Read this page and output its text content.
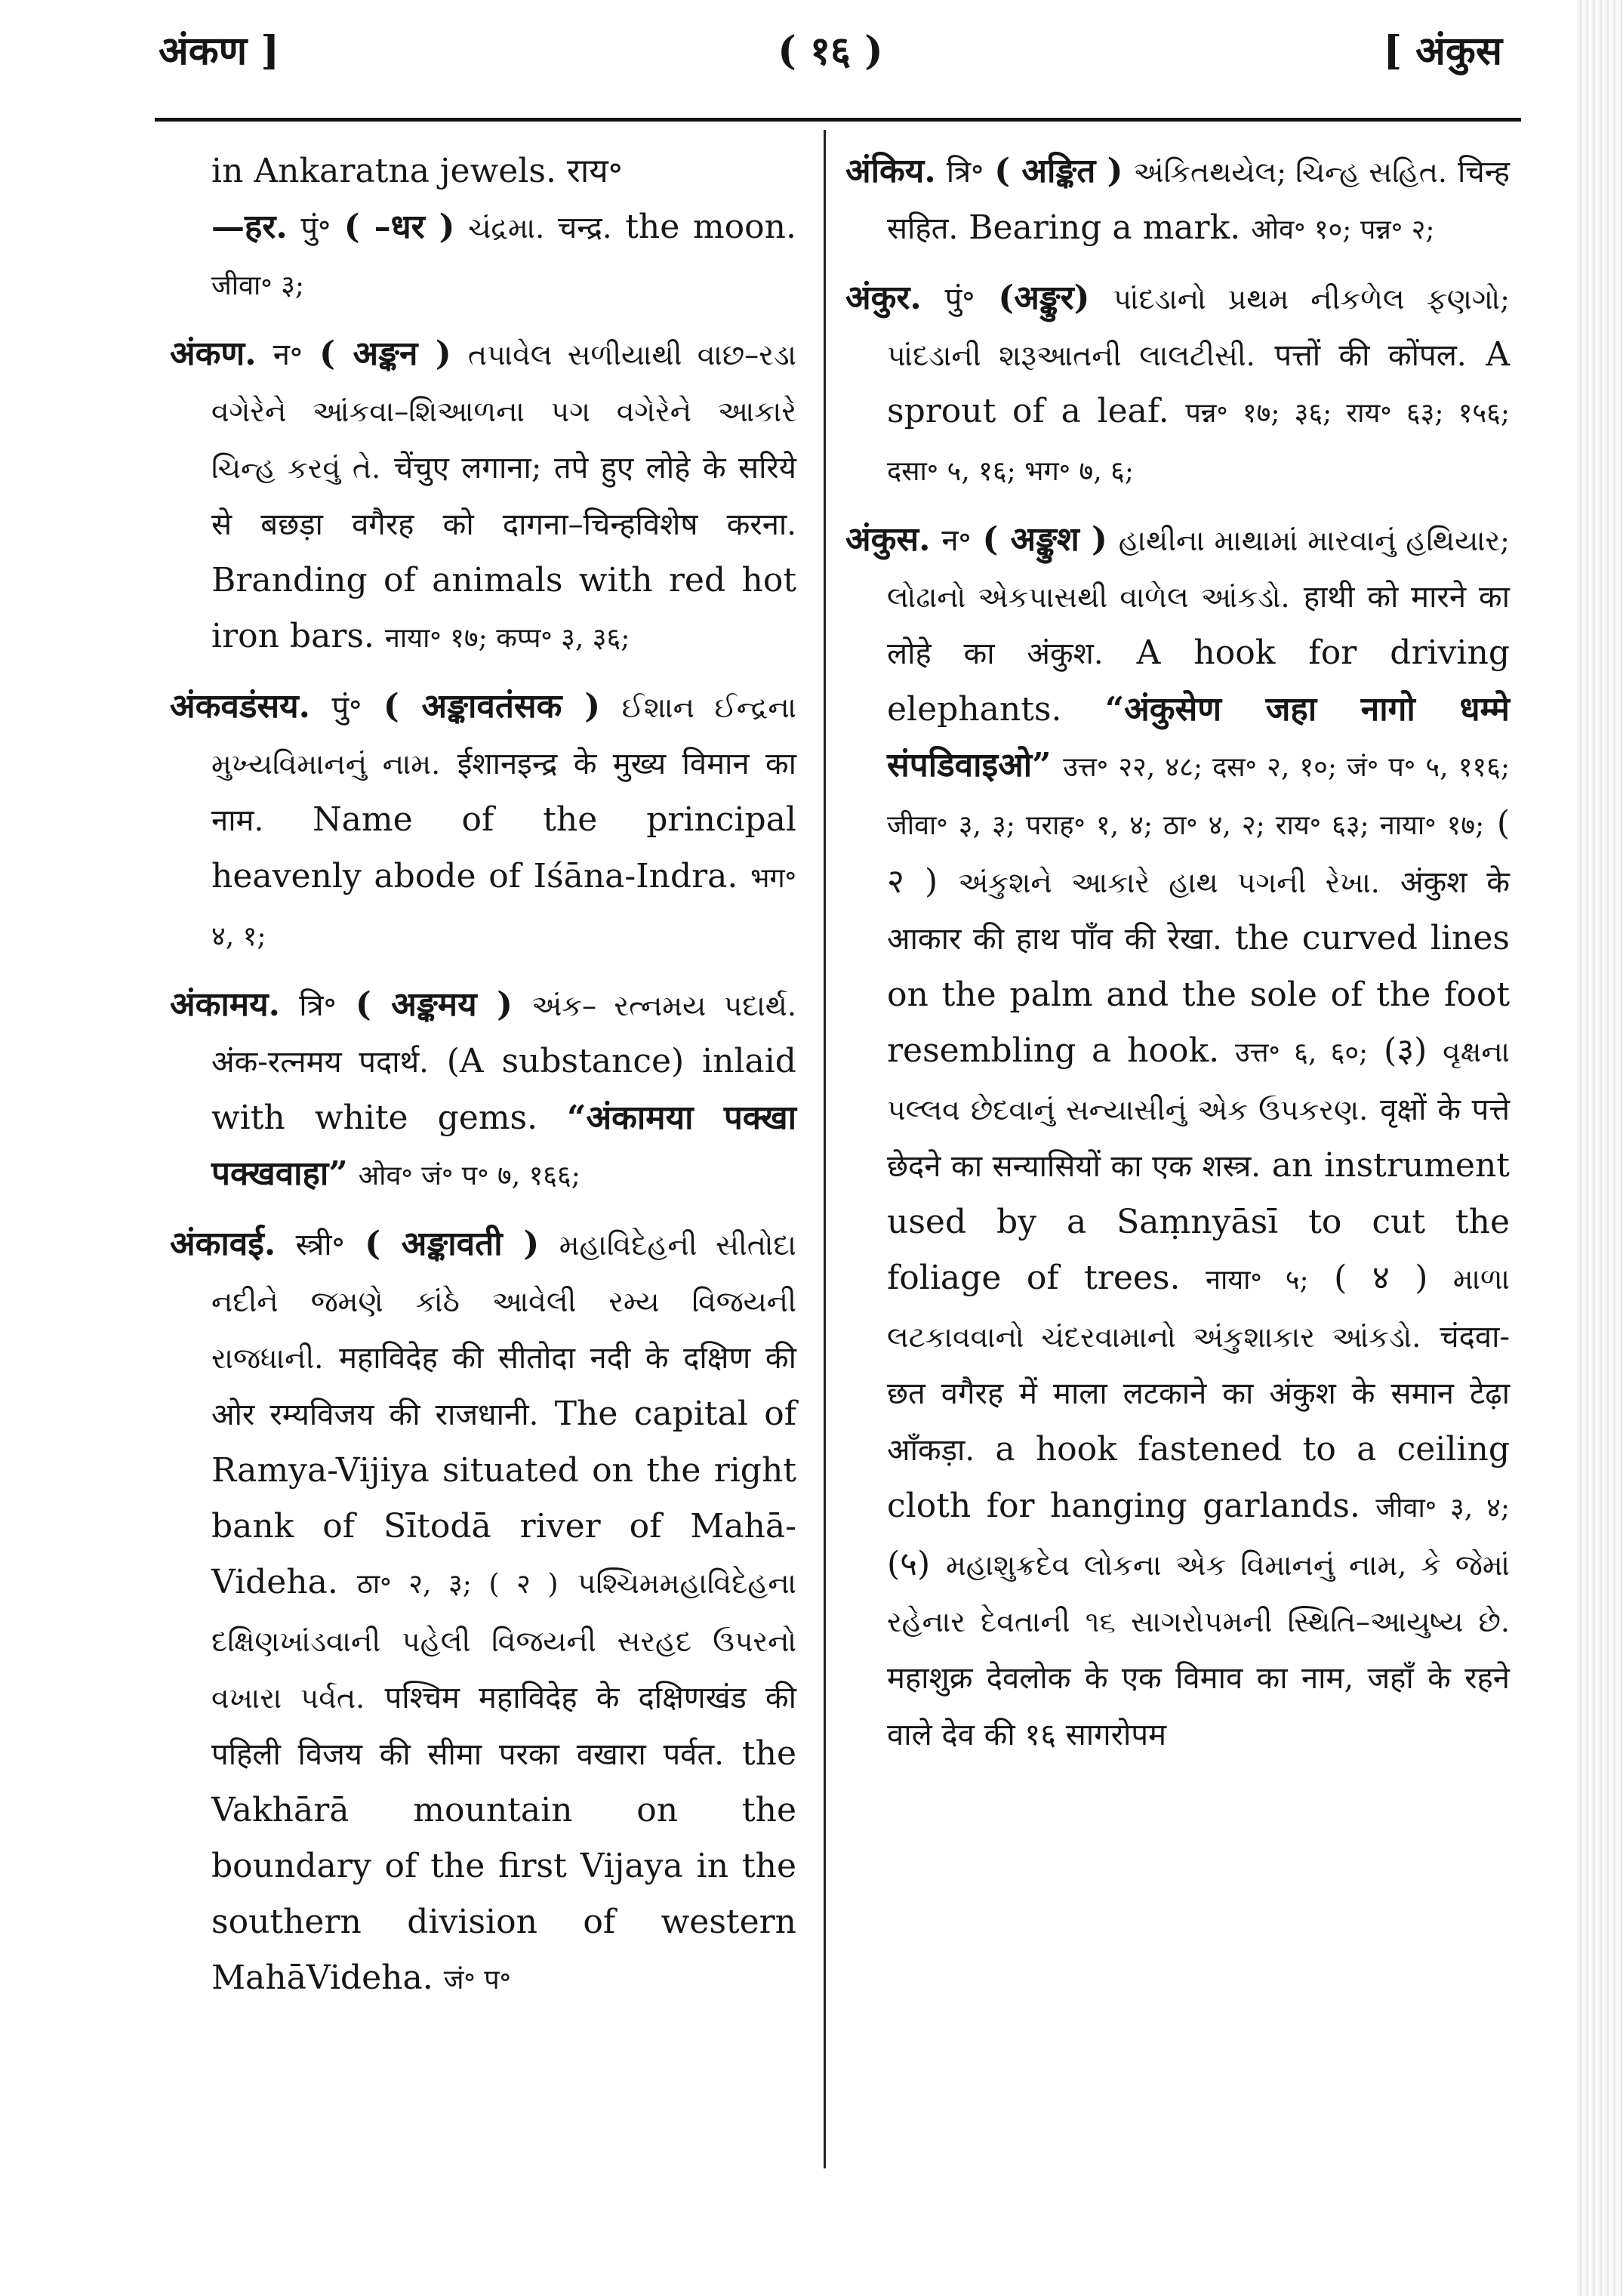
अंकण ]	( १६ )	[ अंकुस

in Ankaratna jewels. राय॰
—हर. पुं॰ ( –धर ) ચંદ્રમા. चन्द्र. the moon. जीवा॰ ३;

अंकण. न॰ ( अङ्कन ) તપાવેલ સળીયાથી વાછ–રડા વગેરેને આંકવા–શિઆળના પગ વગેરેને આકારે ચિન્હ કરવું તે. चेंचुए लगाना; तपे हुए लोहे के सरिये से बछड़ा वगैरह को दागना–चिन्हविशेष करना. Branding of animals with red hot iron bars. नाया॰ १७; कप्प॰ ३, ३६;

अंकवडंसय. पुं॰ ( अङ्कावतंसक ) ઈશાન ઈન્દ્રના મુખ્યવિમાનનું નામ. ईशानइन्द्र के मुख्य विमान का नाम. Name of the principal heavenly abode of Iśāna-Indra. भग॰ ४, १;

अंकामय. त्रि॰ ( अङ्कमय ) અંક– રત્નમય પદાર્થ. अंक-रत्नमय पदार्थ. (A substance) inlaid with white gems. “अंकामया पक्खा पक्खवाहा” ओव॰ जं॰ प॰ ७, १६६;

अंकावई. स्त्री॰ ( अङ्कावती ) મહાવિદેહની સીતોદા નદીને જમણે કાંઠે આવેલી રમ્ય વિજયની રાજધાની. महाविदेह की सीतोदा नदी के दक्षिण की ओर रम्यविजय की राजधानी. The capital of Ramya-Vijiya situated on the right bank of Sītodā river of Mahā-Videha. ठा॰ २, ३; ( २ ) પશ્ચિમમહાવિદેહના દક્ષિણખાંડવાની પહેલી વિજયની સરહદ ઉપરનો વખારા પર્વત. पश्चिम महाविदेह के दक्षिणखंड की पहिली विजय की सीमा परका वखारा पर्वत. the Vakhārā mountain on the boundary of the first Vijaya in the southern division of western MahāVideha. जं॰ प॰

अंकिय. त्रि॰ ( अङ्कित ) અંકિતથયેલ; ચિન્હ સહિત. चिन्ह सहित. Bearing a mark. ओव॰ १०; पन्न॰ २;

अंकुर. पुं॰ (अङ्कुर) પાંદડાનો પ્રથમ નીકળેલ ફણગો; પાંદડાની શરૂઆતની લાલટીસી. पत्तों की कोंपल. A sprout of a leaf. पन्न॰ १७; ३६; राय॰ ६३; १५६; दसा॰ ५, १६; भग॰ ७, ६;

अंकुस. न॰ ( अङ्कुश ) હાથીના માથામાં મારવાનું હથિયાર; લોઢાનો એકપાસથી વાળેલ આંકડો. हाथी को मारने का लोहे का अंकुश. A hook for driving elephants. “अंकुसेण जहा नागो धम्मे संपडिवाइओ” उत्त॰ २२, ४८; दस॰ २, १०; जं॰ प॰ ५, ११६; जीवा॰ ३, ३; पराह॰ १, ४; ठा॰ ४, २; राय॰ ६३; नाया॰ १७; ( २ ) અંકુશને આકારે હાથ પગની રેખા. अंकुश के आकार की हाथ पाँव की रेखा. the curved lines on the palm and the sole of the foot resembling a hook. उत्त॰ ६, ६०; (३) વૃક્ષના પલ્લવ છેદવાનું સન્યાસીનું એક ઉપકરણ. वृक्षों के पत्ते छेदने का सन्यासियों का एक शस्त्र. an instrument used by a Saṃnyāsī to cut the foliage of trees. नाया॰ ५; ( ४ ) માળા લટકાવવાનો ચંદરવામાનો અંકુશાકાર આંકડો. चंदवा-छत वगैरह में माला लटकाने का अंकुश के समान टेढ़ा आँकड़ा. a hook fastened to a ceiling cloth for hanging garlands. जीवा॰ ३, ४; (५) મહાશુક્રદેવ લોકના એક વિમાનનું નામ, કે જેમાં રહેનાર દેવતાની ૧૬ સાગરોપમની સ્થિતિ–આયુષ્ય છે. महाशुक्र देवलोक के एक विमाव का नाम, जहाँ के रहने वाले देव की १६ सागरोपम
